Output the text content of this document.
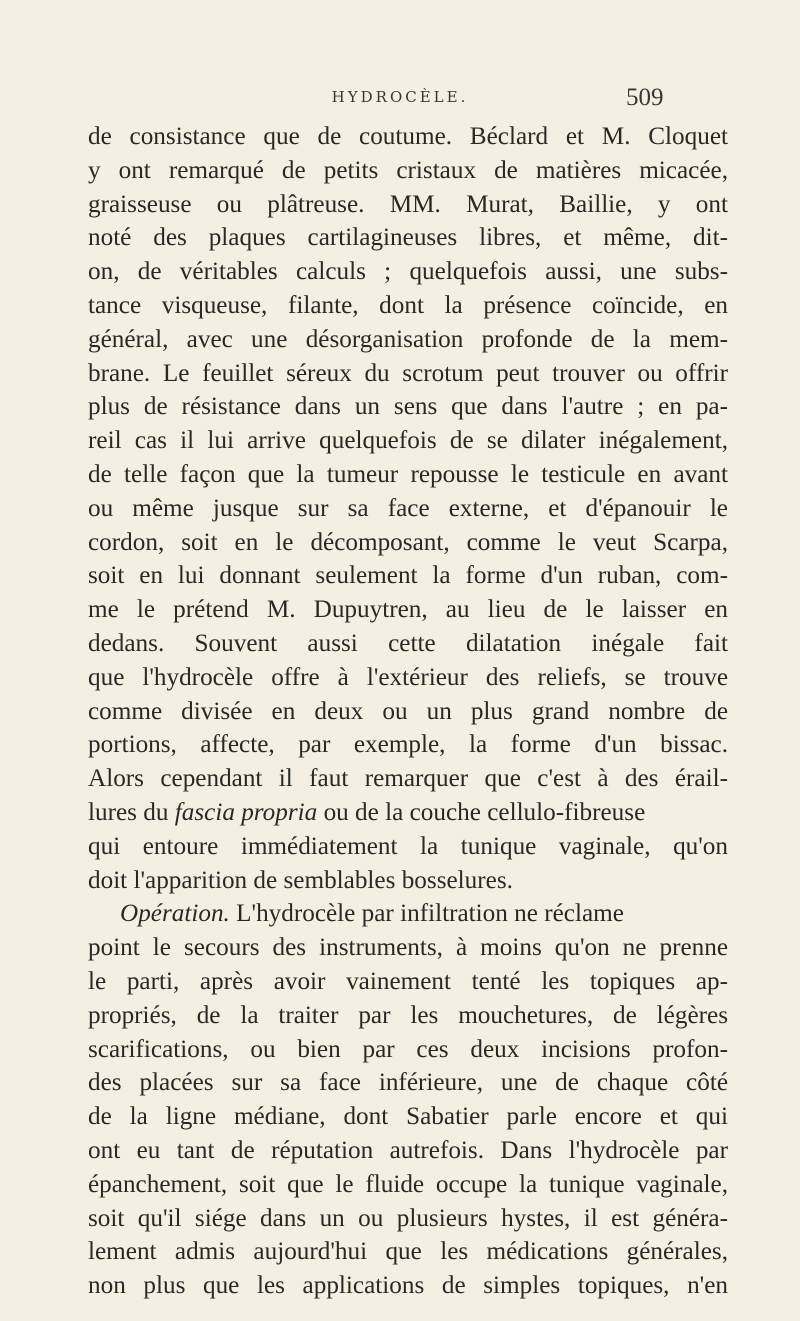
HYDROCÈLE.	509
de consistance que de coutume. Béclard et M. Cloquet
y ont remarqué de petits cristaux de matières micacée,
graisseuse ou plâtreuse. MM. Murat, Baillie, y ont
noté des plaques cartilagineuses libres, et même, dit-
on, de véritables calculs ; quelquefois aussi, une subs-
tance visqueuse, filante, dont la présence coïncide, en
général, avec une désorganisation profonde de la mem-
brane. Le feuillet séreux du scrotum peut trouver ou offrir
plus de résistance dans un sens que dans l'autre ; en pa-
reil cas il lui arrive quelquefois de se dilater inégalement,
de telle façon que la tumeur repousse le testicule en avant
ou même jusque sur sa face externe, et d'épanouir le
cordon, soit en le décomposant, comme le veut Scarpa,
soit en lui donnant seulement la forme d'un ruban, com-
me le prétend M. Dupuytren, au lieu de le laisser en
dedans. Souvent aussi cette dilatation inégale fait
que l'hydrocèle offre à l'extérieur des reliefs, se trouve
comme divisée en deux ou un plus grand nombre de
portions, affecte, par exemple, la forme d'un bissac.
Alors cependant il faut remarquer que c'est à des érail-
lures du fascia propria ou de la couche cellulo-fibreuse
qui entoure immédiatement la tunique vaginale, qu'on
doit l'apparition de semblables bosselures.
Opération. L'hydrocèle par infiltration ne réclame
point le secours des instruments, à moins qu'on ne prenne
le parti, après avoir vainement tenté les topiques ap-
propriés, de la traiter par les mouchetures, de légères
scarifications, ou bien par ces deux incisions profon-
des placées sur sa face inférieure, une de chaque côté
de la ligne médiane, dont Sabatier parle encore et qui
ont eu tant de réputation autrefois. Dans l'hydrocèle par
épanchement, soit que le fluide occupe la tunique vaginale,
soit qu'il siége dans un ou plusieurs hystes, il est généra-
lement admis aujourd'hui que les médications générales,
non plus que les applications de simples topiques, n'en
